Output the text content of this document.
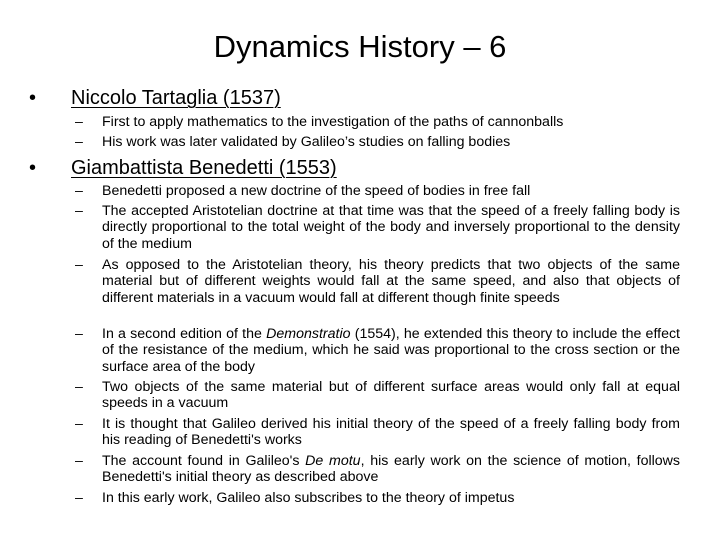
Dynamics History – 6
• Niccolo Tartaglia (1537)
– First to apply mathematics to the investigation of the paths of cannonballs
– His work was later validated by Galileo’s studies on falling bodies
• Giambattista Benedetti (1553)
– Benedetti proposed a new doctrine of the speed of bodies in free fall
– The accepted Aristotelian doctrine at that time was that the speed of a freely falling body is directly proportional to the total weight of the body and inversely proportional to the density of the medium
– As opposed to the Aristotelian theory, his theory predicts that two objects of the same material but of different weights would fall at the same speed, and also that objects of different materials in a vacuum would fall at different though finite speeds
– In a second edition of the Demonstratio (1554), he extended this theory to include the effect of the resistance of the medium, which he said was proportional to the cross section or the surface area of the body
– Two objects of the same material but of different surface areas would only fall at equal speeds in a vacuum
– It is thought that Galileo derived his initial theory of the speed of a freely falling body from his reading of Benedetti's works
– The account found in Galileo's De motu, his early work on the science of motion, follows Benedetti's initial theory as described above
– In this early work, Galileo also subscribes to the theory of impetus
